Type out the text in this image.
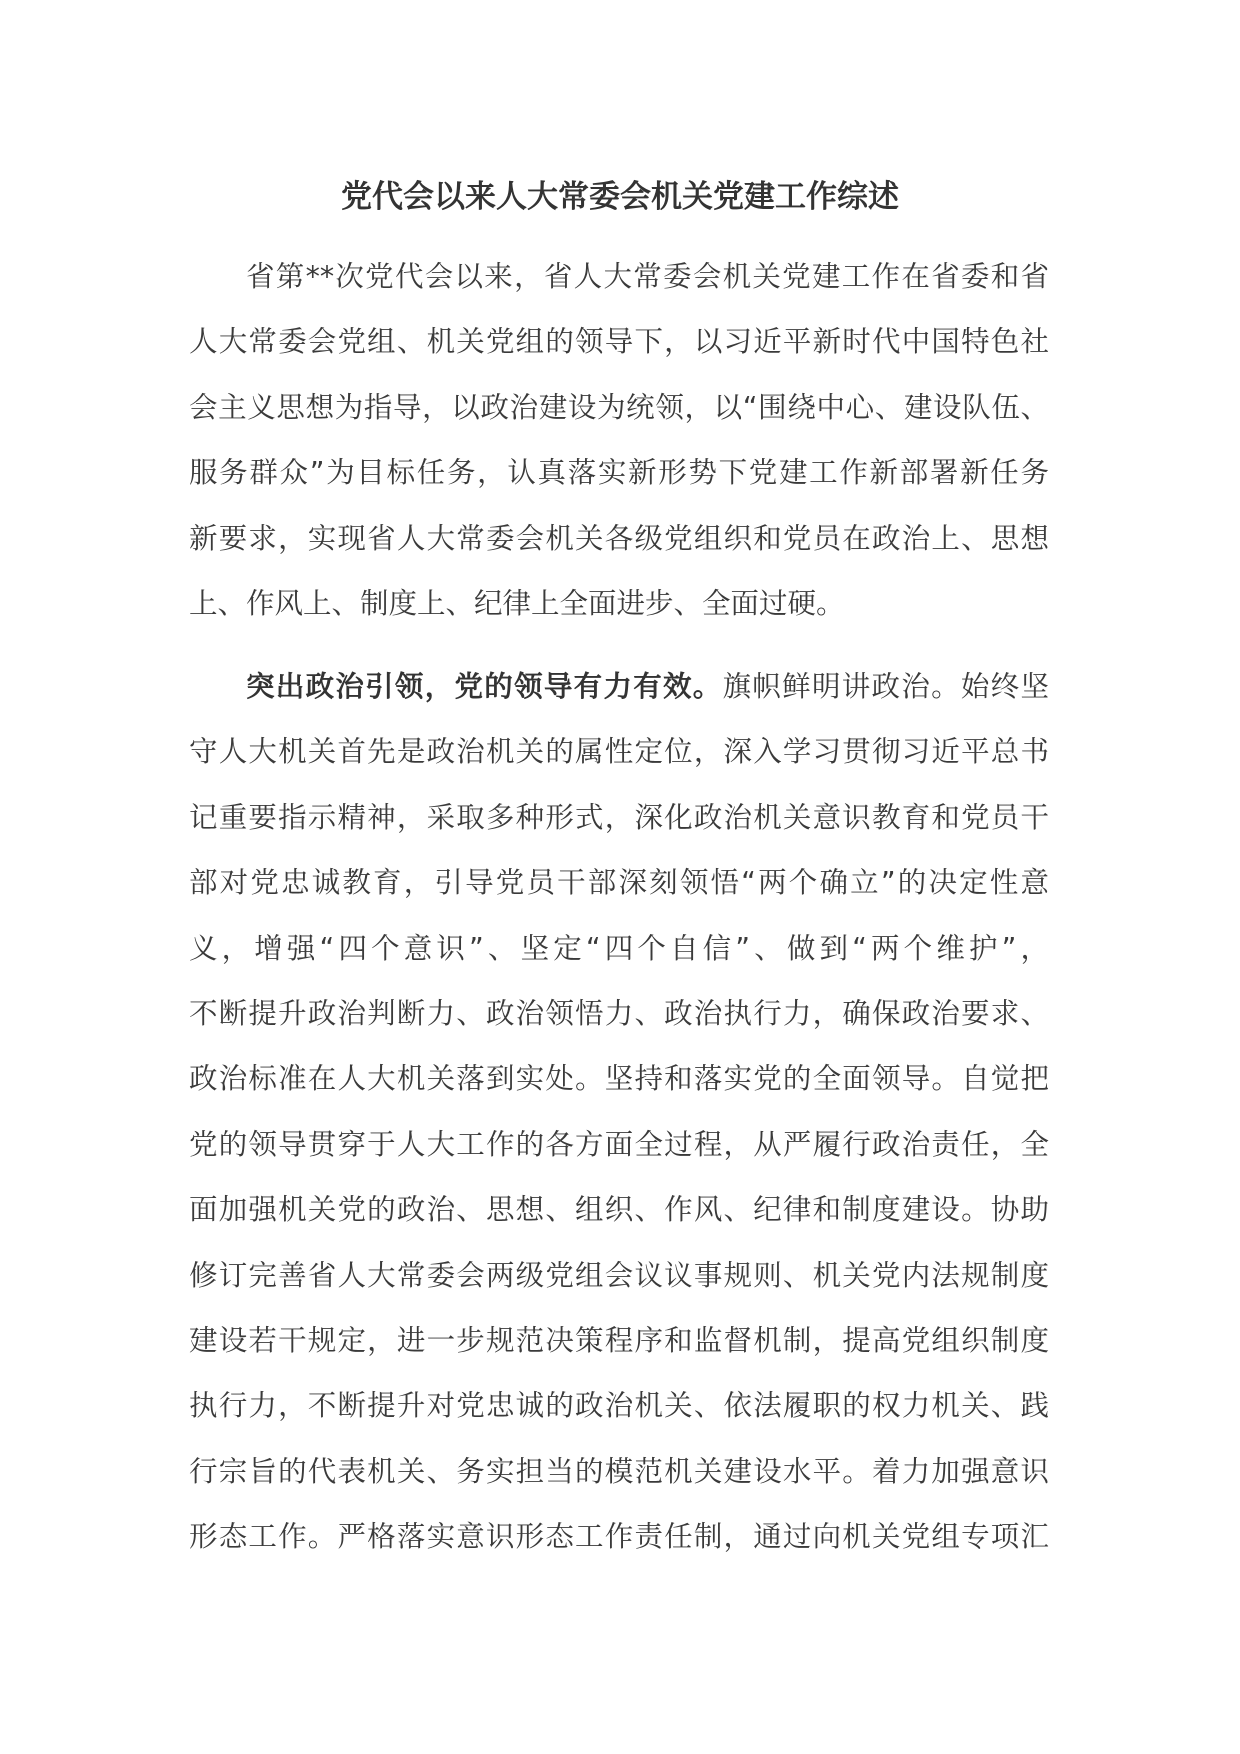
党代会以来人大常委会机关党建工作综述
省第**次党代会以来，省人大常委会机关党建工作在省委和省
人大常委会党组、机关党组的领导下，以习近平新时代中国特色社
会主义思想为指导，以政治建设为统领，以“围绕中心、建设队伍、
服务群众”为目标任务，认真落实新形势下党建工作新部署新任务
新要求，实现省人大常委会机关各级党组织和党员在政治上、思想
上、作风上、制度上、纪律上全面进步、全面过硬。
突出政治引领，党的领导有力有效。旗帜鲜明讲政治。始终坚
守人大机关首先是政治机关的属性定位，深入学习贯彻习近平总书
记重要指示精神，采取多种形式，深化政治机关意识教育和党员干
部对党忠诚教育，引导党员干部深刻领悟“两个确立”的决定性意
义，增强“四个意识”、坚定“四个自信”、做到“两个维护”，
不断提升政治判断力、政治领悟力、政治执行力，确保政治要求、
政治标准在人大机关落到实处。坚持和落实党的全面领导。自觉把
党的领导贯穿于人大工作的各方面全过程，从严履行政治责任，全
面加强机关党的政治、思想、组织、作风、纪律和制度建设。协助
修订完善省人大常委会两级党组会议议事规则、机关党内法规制度
建设若干规定，进一步规范决策程序和监督机制，提高党组织制度
执行力，不断提升对党忠诚的政治机关、依法履职的权力机关、践
行宗旨的代表机关、务实担当的模范机关建设水平。着力加强意识
形态工作。严格落实意识形态工作责任制，通过向机关党组专项汇
